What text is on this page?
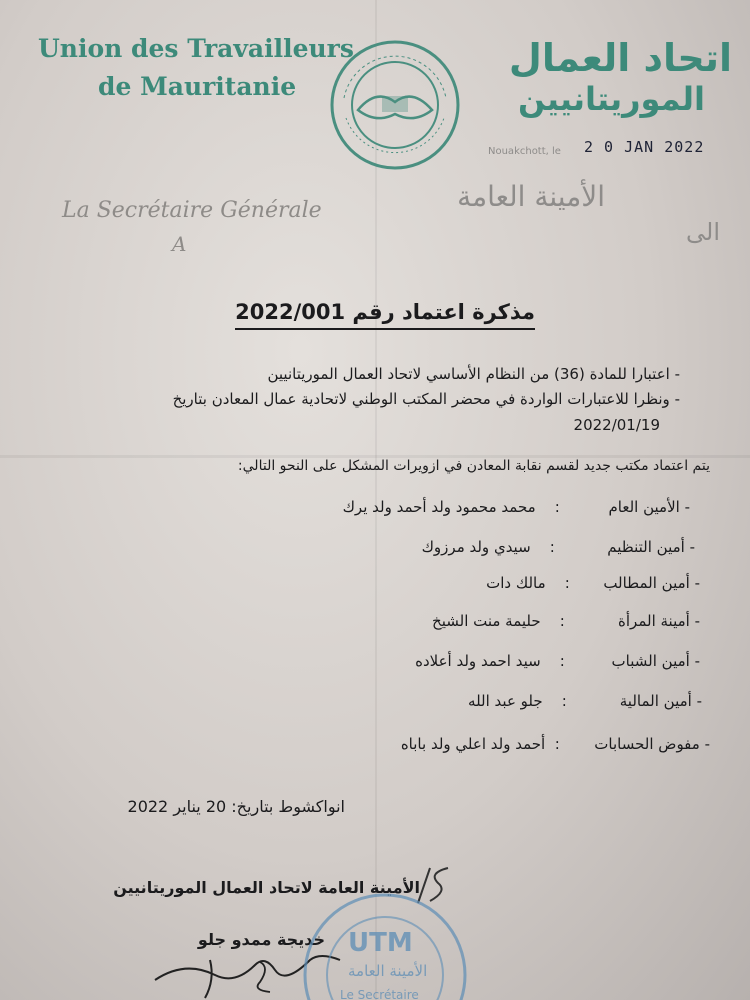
Union des Travailleurs
de Mauritanie
اتحاد العمال
الموريتانيين
Nouakchott, le 2 0 JAN 2022
La Secrétaire Générale
A
الأمينة العامة
الى
مذكرة اعتماد رقم 2022/001
- اعتبارا للمادة (36) من النظام الأساسي لاتحاد العمال الموريتانيين
- ونظرا للاعتبارات الواردة في محضر المكتب الوطني لاتحادية عمال المعادن بتاريخ
2022/01/19
يتم اعتماد مكتب جديد لقسم نقابة المعادن في ازويرات المشكل على النحو التالي:
- الأمين العام:    محمد محمود ولد أحمد ولد يرك
- أمين التنظيم:    سيدي ولد مرزوك
- أمين المطالب:    مالك دات
- أمينة المرأة:    حليمة منت الشيخ
- أمين الشباب:    سيد احمد ولد أعلاده
- أمين المالية:    جلو عبد الله
- مفوض الحسابات:  أحمد ولد اعلي ولد باباه
انواكشوط بتاريخ: 20 يناير 2022
الأمينة العامة لاتحاد العمال الموريتانيين
خديجة ممدو جلو UTM
الأمينة العامة
Le Secrétaire
